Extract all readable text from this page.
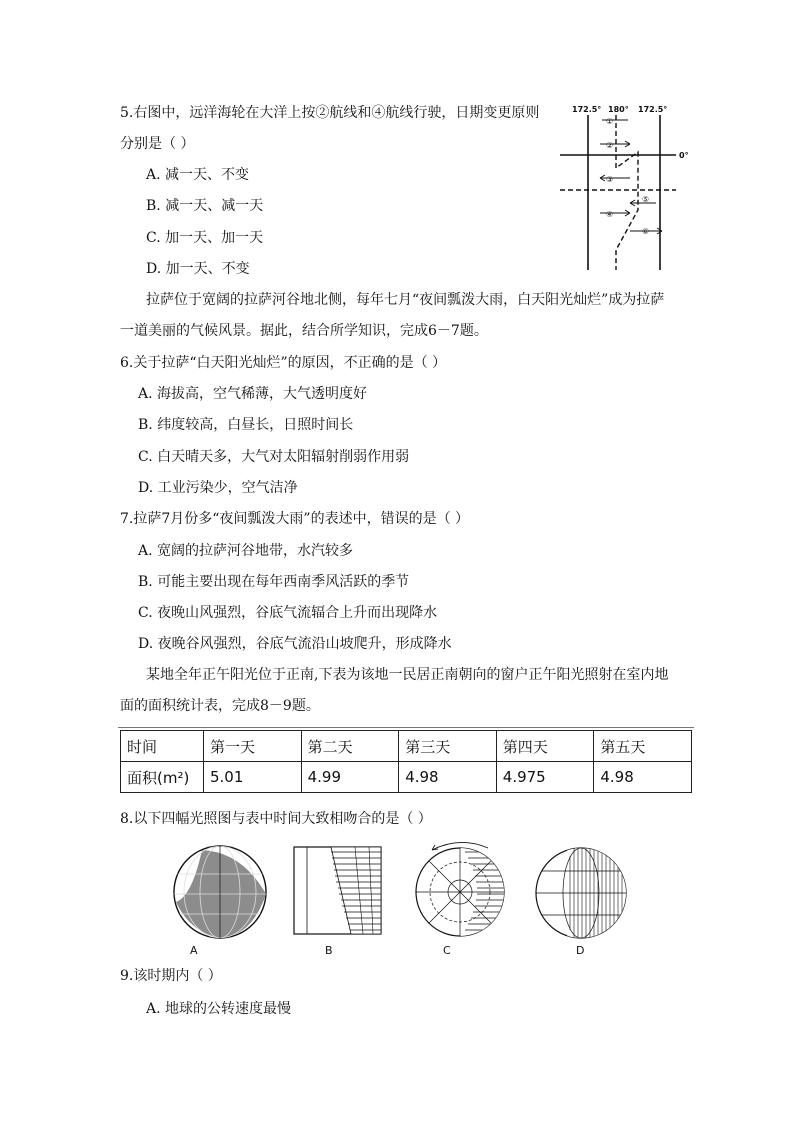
5.右图中，远洋海轮在大洋上按②航线和④航线行驶，日期变更原则
分别是（ ）
A. 减一天、不变
B. 减一天、减一天
C. 加一天、加一天
D. 加一天、不变
172.5° 180° 172.5°
0°
①
②
③
④
⑤
⑥
拉萨位于宽阔的拉萨河谷地北侧，每年七月“夜间瓢泼大雨，白天阳光灿烂”成为拉萨
一道美丽的气候风景。据此，结合所学知识，完成6－7题。
6.关于拉萨“白天阳光灿烂”的原因，不正确的是（ ）
A. 海拔高，空气稀薄，大气透明度好
B. 纬度较高，白昼长，日照时间长
C. 白天晴天多，大气对太阳辐射削弱作用弱
D. 工业污染少，空气洁净
7.拉萨7月份多“夜间瓢泼大雨”的表述中，错误的是（ ）
A. 宽阔的拉萨河谷地带，水汽较多
B. 可能主要出现在每年西南季风活跃的季节
C. 夜晚山风强烈，谷底气流辐合上升而出现降水
D. 夜晚谷风强烈，谷底气流沿山坡爬升，形成降水
某地全年正午阳光位于正南,下表为该地一民居正南朝向的窗户正午阳光照射在室内地
面的面积统计表，完成8－9题。
时间	第一天	第二天	第三天	第四天	第五天
面积(m²)	5.01	4.99	4.98	4.975	4.98
8.以下四幅光照图与表中时间大致相吻合的是（ ）
A	B	C	D
9.该时期内（ ）
A. 地球的公转速度最慢
